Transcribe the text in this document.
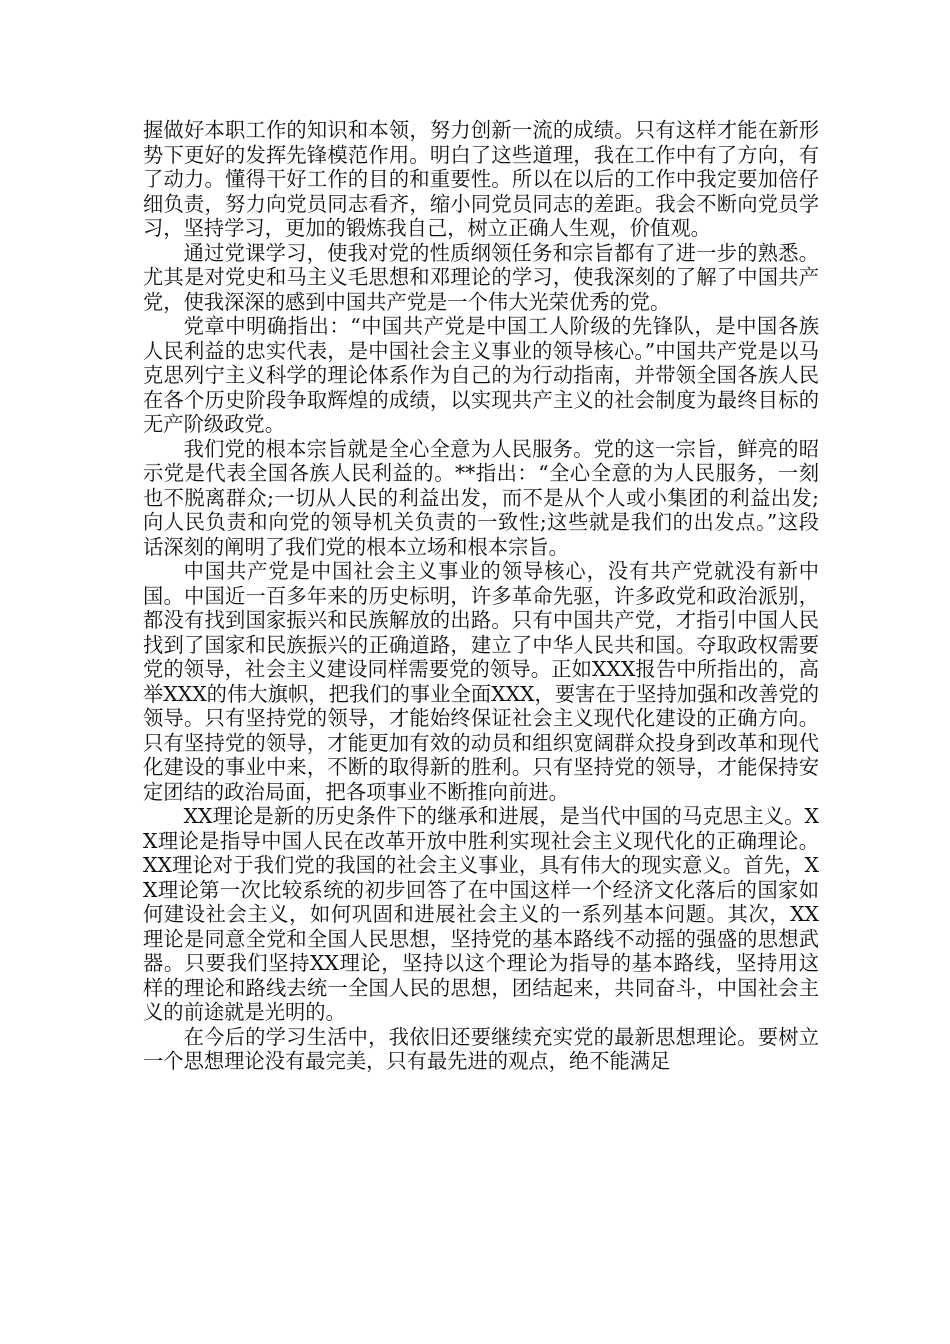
握做好本职工作的知识和本领，努力创新一流的成绩。只有这样才能在新形势下更好的发挥先锋模范作用。明白了这些道理，我在工作中有了方向，有了动力。懂得干好工作的目的和重要性。所以在以后的工作中我定要加倍仔细负责，努力向党员同志看齐，缩小同党员同志的差距。我会不断向党员学习，坚持学习，更加的锻炼我自己，树立正确人生观，价值观。

通过党课学习，使我对党的性质纲领任务和宗旨都有了进一步的熟悉。尤其是对党史和马主义毛思想和邓理论的学习，使我深刻的了解了中国共产党，使我深深的感到中国共产党是一个伟大光荣优秀的党。

党章中明确指出：“中国共产党是中国工人阶级的先锋队，是中国各族人民利益的忠实代表，是中国社会主义事业的领导核心。”中国共产党是以马克思列宁主义科学的理论体系作为自己的为行动指南，并带领全国各族人民在各个历史阶段争取辉煌的成绩，以实现共产主义的社会制度为最终目标的无产阶级政党。

我们党的根本宗旨就是全心全意为人民服务。党的这一宗旨，鲜亮的昭示党是代表全国各族人民利益的。**指出：“全心全意的为人民服务，一刻也不脱离群众;一切从人民的利益出发，而不是从个人或小集团的利益出发;向人民负责和向党的领导机关负责的一致性;这些就是我们的出发点。”这段话深刻的阐明了我们党的根本立场和根本宗旨。

中国共产党是中国社会主义事业的领导核心，没有共产党就没有新中国。中国近一百多年来的历史标明，许多革命先驱，许多政党和政治派别，都没有找到国家振兴和民族解放的出路。只有中国共产党，才指引中国人民找到了国家和民族振兴的正确道路，建立了中华人民共和国。夺取政权需要党的领导，社会主义建设同样需要党的领导。正如XXX报告中所指出的，高举XXX的伟大旗帜，把我们的事业全面XXX，要害在于坚持加强和改善党的领导。只有坚持党的领导，才能始终保证社会主义现代化建设的正确方向。只有坚持党的领导，才能更加有效的动员和组织宽阔群众投身到改革和现代化建设的事业中来，不断的取得新的胜利。只有坚持党的领导，才能保持安定团结的政治局面，把各项事业不断推向前进。

XX理论是新的历史条件下的继承和进展，是当代中国的马克思主义。XX理论是指导中国人民在改革开放中胜利实现社会主义现代化的正确理论。XX理论对于我们党的我国的社会主义事业，具有伟大的现实意义。首先，XX理论第一次比较系统的初步回答了在中国这样一个经济文化落后的国家如何建设社会主义，如何巩固和进展社会主义的一系列基本问题。其次，XX理论是同意全党和全国人民思想，坚持党的基本路线不动摇的强盛的思想武器。只要我们坚持XX理论，坚持以这个理论为指导的基本路线，坚持用这样的理论和路线去统一全国人民的思想，团结起来，共同奋斗，中国社会主义的前途就是光明的。

在今后的学习生活中，我依旧还要继续充实党的最新思想理论。要树立一个思想理论没有最完美，只有最先进的观点，绝不能满足
